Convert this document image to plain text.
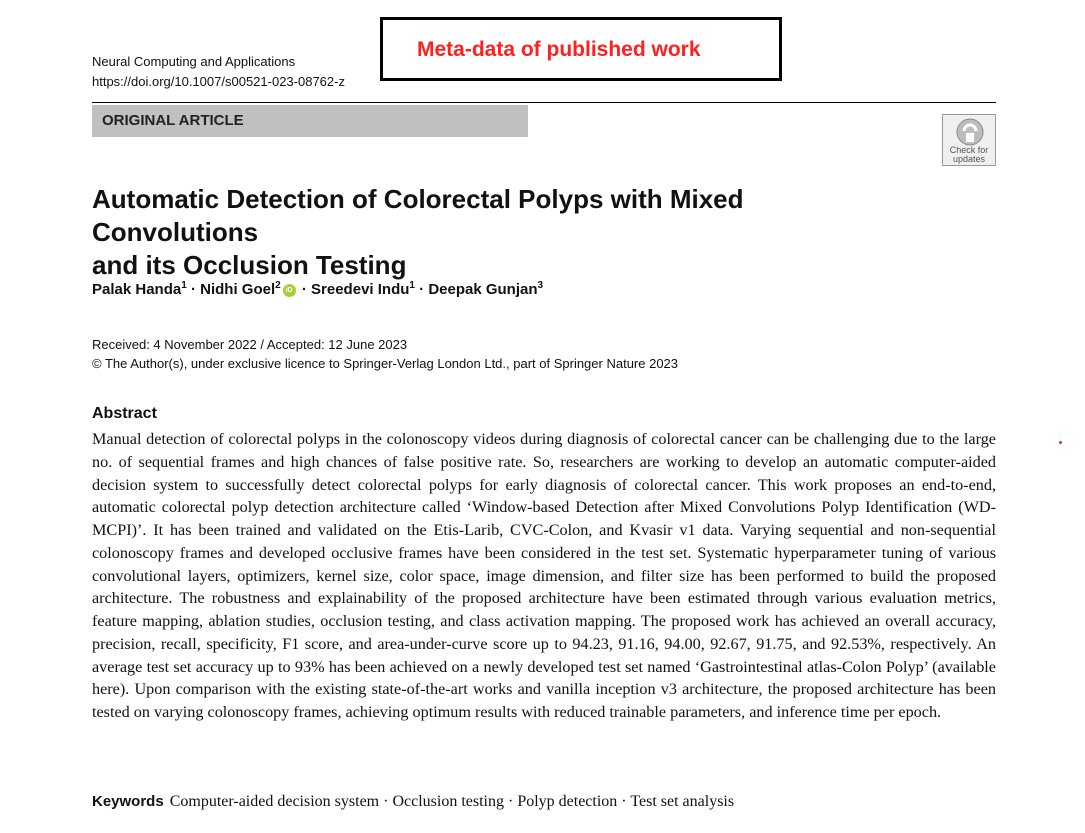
Neural Computing and Applications
https://doi.org/10.1007/s00521-023-08762-z
Meta-data of published work
ORIGINAL ARTICLE
Check for updates
Automatic Detection of Colorectal Polyps with Mixed Convolutions
and its Occlusion Testing
Palak Handa$^1$ · Nidhi Goel$^2$ iD · Sreedevi Indu$^1$ · Deepak Gunjan$^3$
Received: 4 November 2022 / Accepted: 12 June 2023
© The Author(s), under exclusive licence to Springer-Verlag London Ltd., part of Springer Nature 2023
Abstract
Manual detection of colorectal polyps in the colonoscopy videos during diagnosis of colorectal cancer can be challenging due to the large no. of sequential frames and high chances of false positive rate. So, researchers are working to develop an automatic computer-aided decision system to successfully detect colorectal polyps for early diagnosis of colorectal cancer. This work proposes an end-to-end, automatic colorectal polyp detection architecture called ‘Window-based Detection after Mixed Convolutions Polyp Identification (WD-MCPI)’. It has been trained and validated on the Etis-Larib, CVC-Colon, and Kvasir v1 data. Varying sequential and non-sequential colonoscopy frames and developed occlusive frames have been considered in the test set. Systematic hyperparameter tuning of various convolutional layers, optimizers, kernel size, color space, image dimension, and filter size has been performed to build the proposed architecture. The robustness and explainability of the proposed architecture have been estimated through various evaluation metrics, feature mapping, ablation studies, occlusion testing, and class activation mapping. The proposed work has achieved an overall accuracy, precision, recall, specificity, F1 score, and area-under-curve score up to 94.23, 91.16, 94.00, 92.67, 91.75, and 92.53%, respectively. An average test set accuracy up to 93% has been achieved on a newly developed test set named ‘Gastrointestinal atlas-Colon Polyp’ (available here). Upon comparison with the existing state-of-the-art works and vanilla inception v3 architecture, the proposed architecture has been tested on varying colonoscopy frames, achieving optimum results with reduced trainable parameters, and inference time per epoch.
Keywords Computer-aided decision system · Occlusion testing · Polyp detection · Test set analysis
